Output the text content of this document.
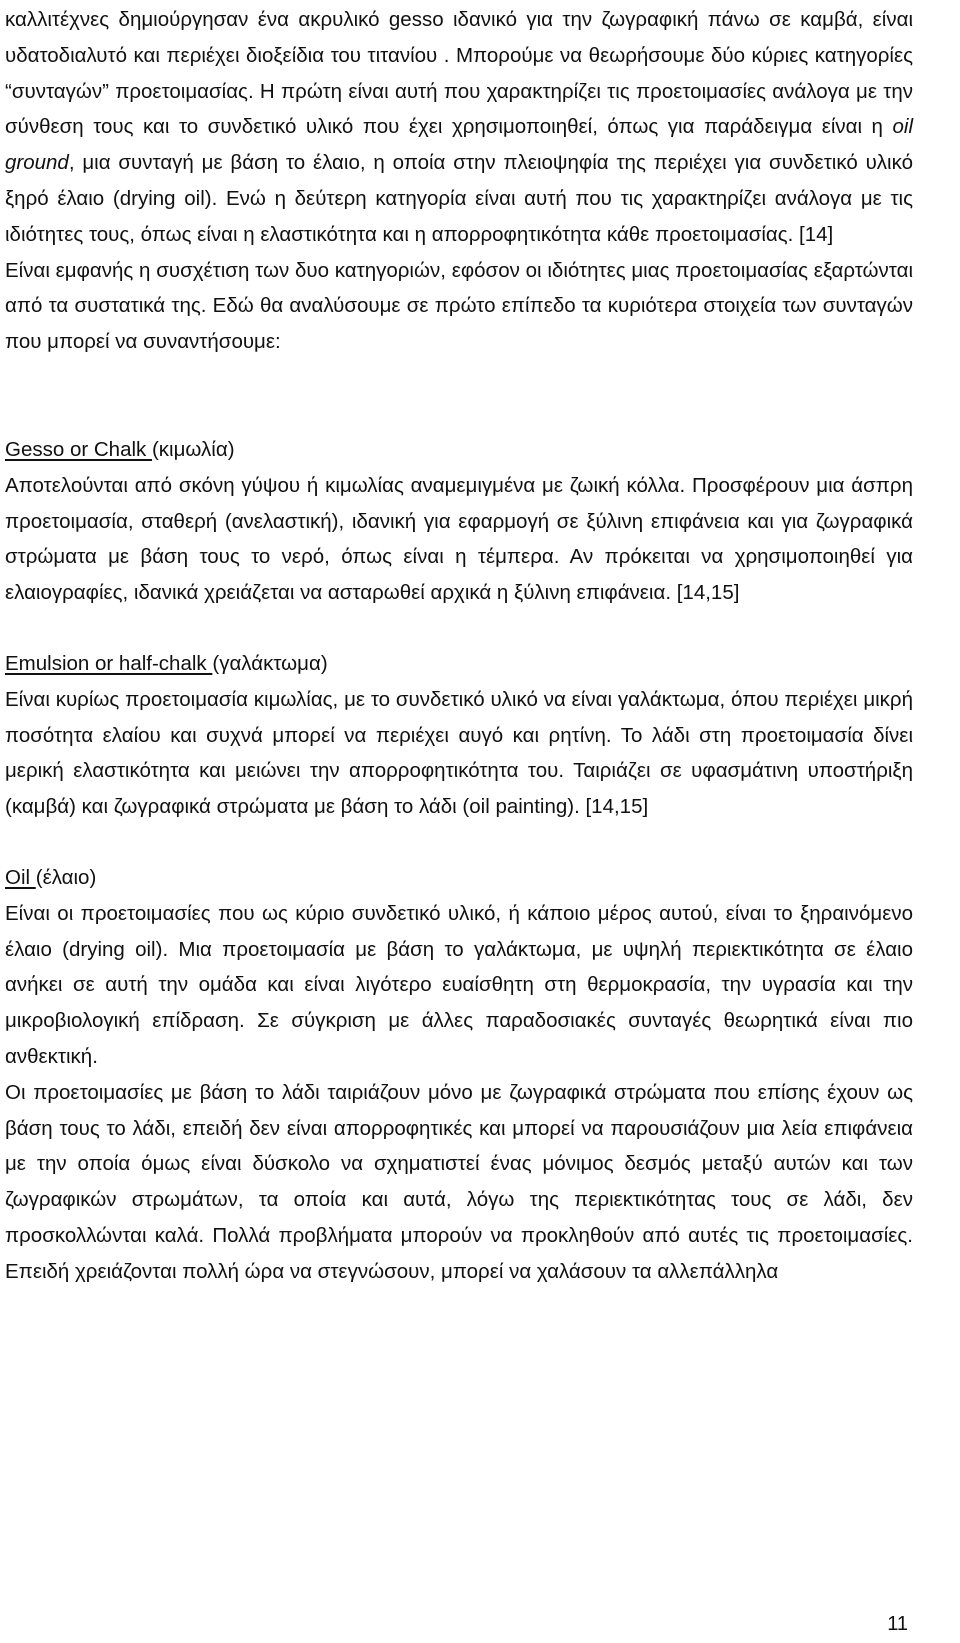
καλλιτέχνες δημιούργησαν ένα ακρυλικό gesso ιδανικό για την ζωγραφική πάνω σε καμβά, είναι υδατοδιαλυτό και περιέχει διοξείδια του τιτανίου . Μπορούμε να θεωρήσουμε δύο κύριες κατηγορίες “συνταγών” προετοιμασίας. Η πρώτη είναι αυτή που χαρακτηρίζει τις προετοιμασίες ανάλογα με την σύνθεση τους και το συνδετικό υλικό που έχει χρησιμοποιηθεί, όπως για παράδειγμα είναι η oil ground, μια συνταγή με βάση το έλαιο, η οποία στην πλειοψηφία της περιέχει για συνδετικό υλικό ξηρό έλαιο (drying oil). Ενώ η δεύτερη κατηγορία είναι αυτή που τις χαρακτηρίζει ανάλογα με τις ιδιότητες τους, όπως είναι η ελαστικότητα και η απορροφητικότητα κάθε προετοιμασίας. [14]

Είναι εμφανής η συσχέτιση των δυο κατηγοριών, εφόσον οι ιδιότητες μιας προετοιμασίας εξαρτώνται από τα συστατικά της. Εδώ θα αναλύσουμε σε πρώτο επίπεδο τα κυριότερα στοιχεία των συνταγών που μπορεί να συναντήσουμε:

Gesso or Chalk (κιμωλία)

Αποτελούνται από σκόνη γύψου ή κιμωλίας αναμεμιγμένα με ζωική κόλλα. Προσφέρουν μια άσπρη προετοιμασία, σταθερή (ανελαστική), ιδανική για εφαρμογή σε ξύλινη επιφάνεια και για ζωγραφικά στρώματα με βάση τους το νερό, όπως είναι η τέμπερα. Αν πρόκειται να χρησιμοποιηθεί για ελαιογραφίες, ιδανικά χρειάζεται να ασταρωθεί αρχικά η ξύλινη επιφάνεια. [14,15]

Emulsion or half-chalk (γαλάκτωμα)

Είναι κυρίως προετοιμασία κιμωλίας, με το συνδετικό υλικό να είναι γαλάκτωμα, όπου περιέχει μικρή ποσότητα ελαίου και συχνά μπορεί να περιέχει αυγό και ρητίνη. Το λάδι στη προετοιμασία δίνει μερική ελαστικότητα και μειώνει την απορροφητικότητα του. Ταιριάζει σε υφασμάτινη υποστήριξη (καμβά) και ζωγραφικά στρώματα με βάση το λάδι (oil painting). [14,15]

Oil (έλαιο)

Είναι οι προετοιμασίες που ως κύριο συνδετικό υλικό, ή κάποιο μέρος αυτού, είναι το ξηραινόμενο έλαιο (drying oil). Μια προετοιμασία με βάση το γαλάκτωμα, με υψηλή περιεκτικότητα σε έλαιο ανήκει σε αυτή την ομάδα και είναι λιγότερο ευαίσθητη στη θερμοκρασία, την υγρασία και την μικροβιολογική επίδραση. Σε σύγκριση με άλλες παραδοσιακές συνταγές θεωρητικά είναι πιο ανθεκτική.

Οι προετοιμασίες με βάση το λάδι ταιριάζουν μόνο με ζωγραφικά στρώματα που επίσης έχουν ως βάση τους το λάδι, επειδή δεν είναι απορροφητικές και μπορεί να παρουσιάζουν μια λεία επιφάνεια με την οποία όμως είναι δύσκολο να σχηματιστεί ένας μόνιμος δεσμός μεταξύ αυτών και των ζωγραφικών στρωμάτων, τα οποία και αυτά, λόγω της περιεκτικότητας τους σε λάδι, δεν προσκολλώνται καλά. Πολλά προβλήματα μπορούν να προκληθούν από αυτές τις προετοιμασίες. Επειδή χρειάζονται πολλή ώρα να στεγνώσουν, μπορεί να χαλάσουν τα αλλεπάλληλα

11
